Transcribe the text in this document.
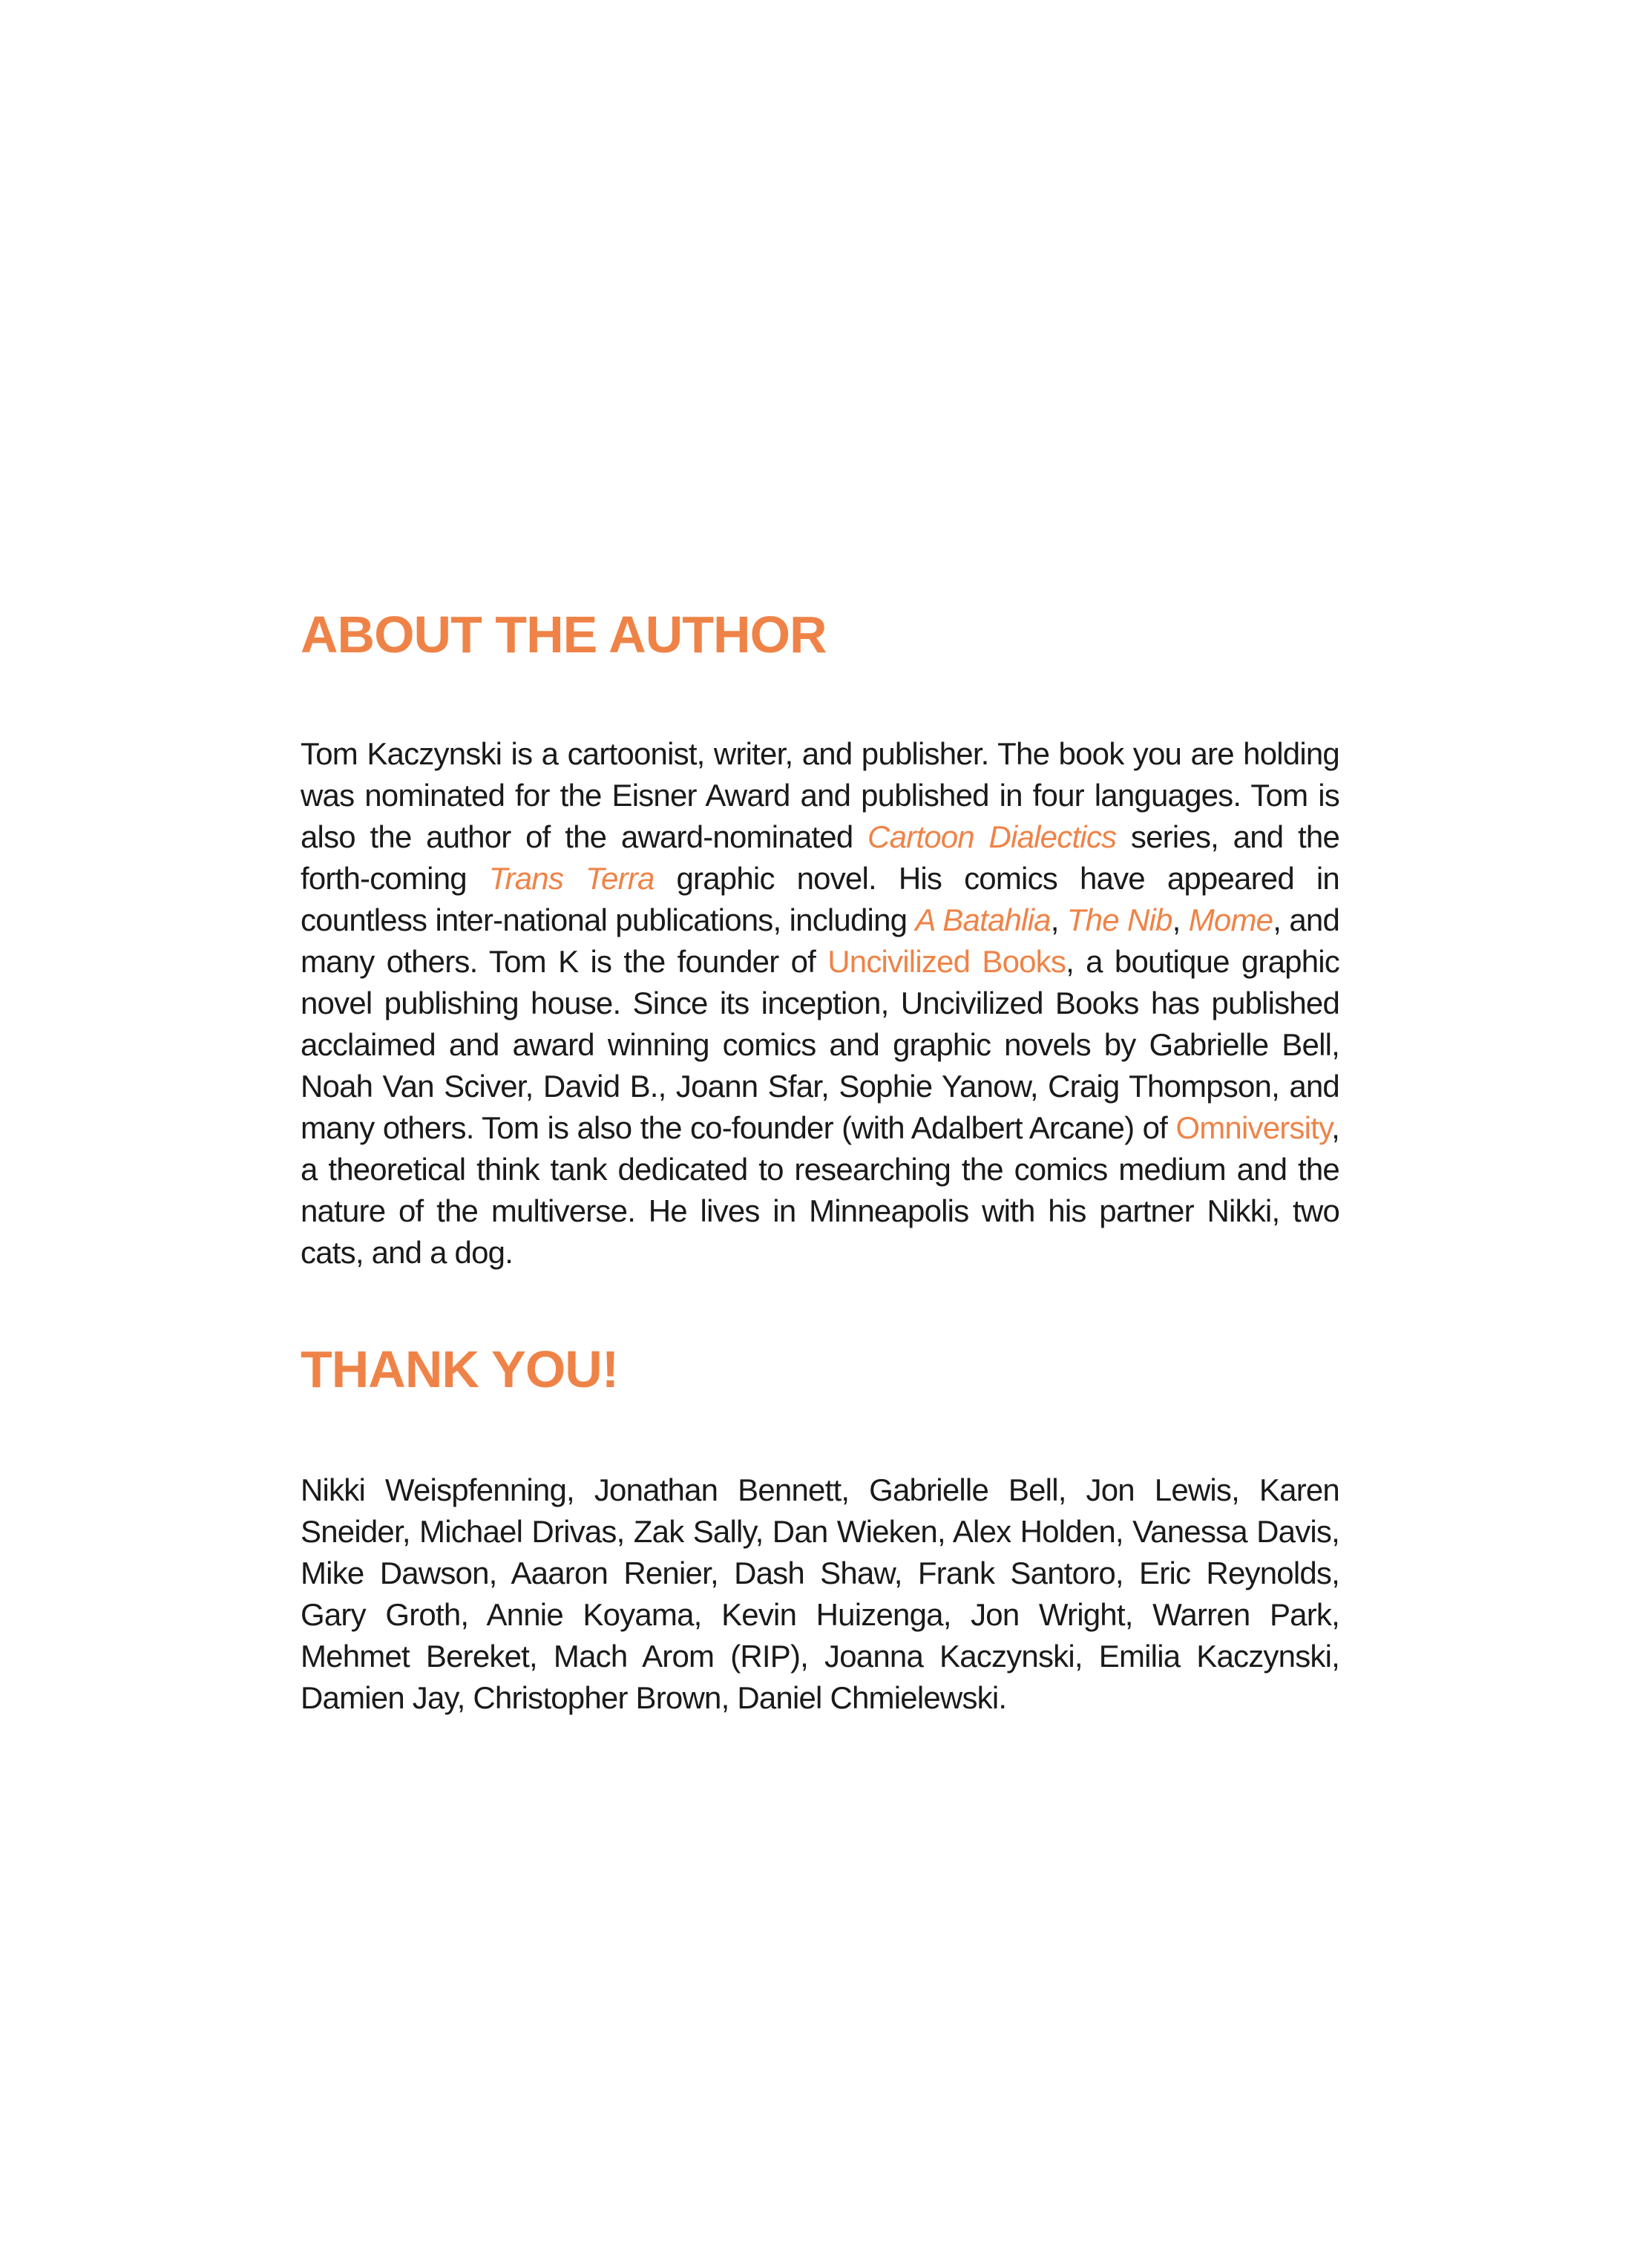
ABOUT THE AUTHOR

Tom Kaczynski is a cartoonist, writer, and publisher. The book you are holding was nominated for the Eisner Award and published in four languages. Tom is also the author of the award-nominated Cartoon Dialectics series, and the forth-coming Trans Terra graphic novel. His comics have appeared in countless inter-national publications, including A Batahlia, The Nib, Mome, and many others. Tom K is the founder of Uncivilized Books, a boutique graphic novel publishing house. Since its inception, Uncivilized Books has published acclaimed and award winning comics and graphic novels by Gabrielle Bell, Noah Van Sciver, David B., Joann Sfar, Sophie Yanow, Craig Thompson, and many others. Tom is also the co-founder (with Adalbert Arcane) of Omniversity, a theoretical think tank dedicated to researching the comics medium and the nature of the multiverse. He lives in Minneapolis with his partner Nikki, two cats, and a dog.

THANK YOU!

Nikki Weispfenning, Jonathan Bennett, Gabrielle Bell, Jon Lewis, Karen Sneider, Michael Drivas, Zak Sally, Dan Wieken, Alex Holden, Vanessa Davis, Mike Dawson, Aaaron Renier, Dash Shaw, Frank Santoro, Eric Reynolds, Gary Groth, Annie Koyama, Kevin Huizenga, Jon Wright, Warren Park, Mehmet Bereket, Mach Arom (RIP), Joanna Kaczynski, Emilia Kaczynski, Damien Jay, Christopher Brown, Daniel Chmielewski.
